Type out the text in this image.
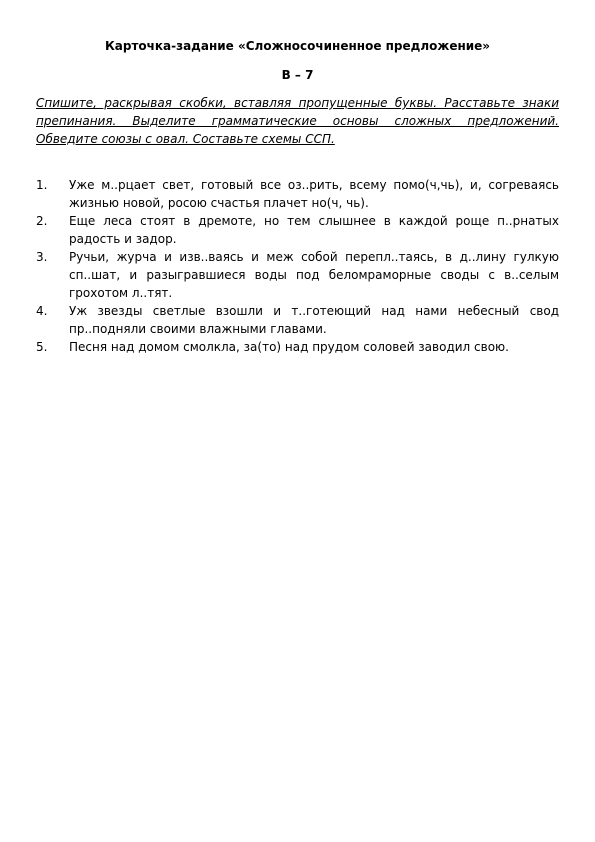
Карточка-задание «Сложносочиненное предложение»
В – 7
Спишите, раскрывая скобки, вставляя пропущенные буквы. Расставьте знаки препинания. Выделите грамматические основы сложных предложений. Обведите союзы с овал. Составьте схемы ССП.
1. Уже м..рцает свет, готовый все оз..рить, всему помо(ч,чь), и, согреваясь жизнью новой, росою счастья плачет но(ч, чь).
2. Еще леса стоят в дремоте, но тем слышнее в каждой роще п..рнатых радость и задор.
3. Ручьи, журча и изв..ваясь и меж собой перепл..таясь, в д..лину гулкую сп..шат, и разыгравшиеся воды под беломраморные своды с в..селым грохотом л..тят.
4. Уж звезды светлые взошли и т..готеющий над нами небесный свод пр..подняли своими влажными главами.
5. Песня над домом смолкла, за(то) над прудом соловей заводил свою.
